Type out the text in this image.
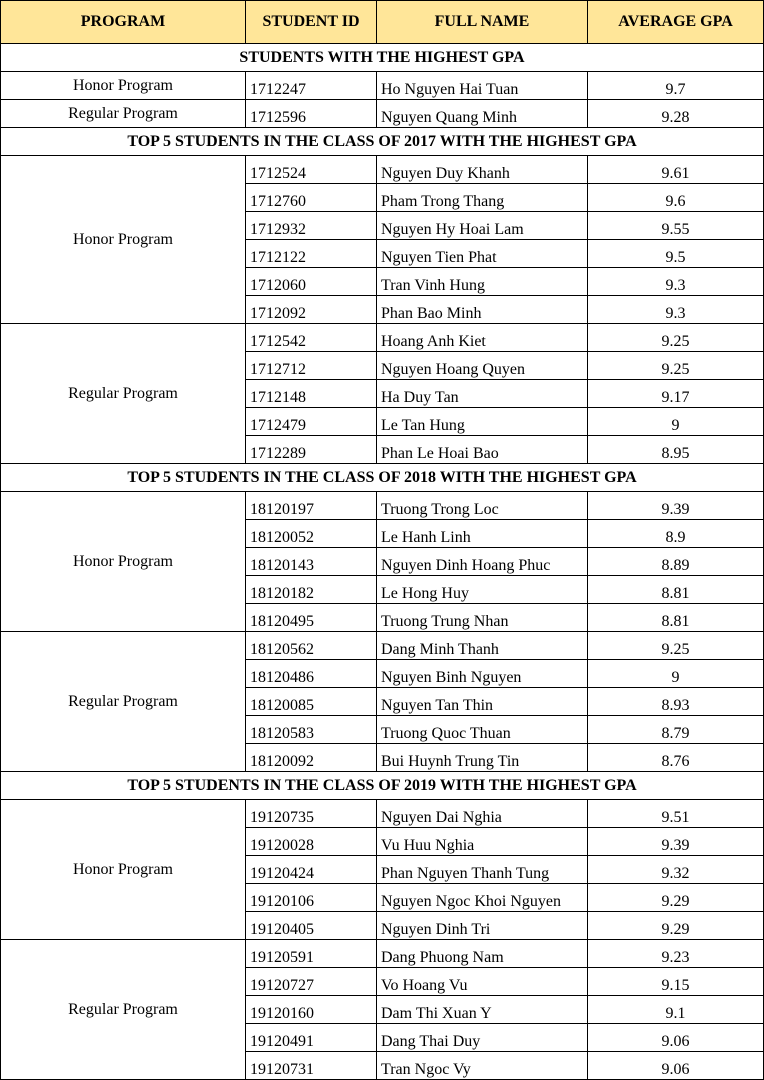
PROGRAM	STUDENT ID	FULL NAME	AVERAGE GPA
STUDENTS WITH THE HIGHEST GPA			
Honor Program	1712247	Ho Nguyen Hai Tuan	9.7
Regular Program	1712596	Nguyen Quang Minh	9.28
TOP 5 STUDENTS IN THE CLASS OF 2017 WITH THE HIGHEST GPA			
Honor Program	1712524	Nguyen Duy Khanh	9.61
	1712760	Pham Trong Thang	9.6
	1712932	Nguyen Hy Hoai Lam	9.55
	1712122	Nguyen Tien Phat	9.5
	1712060	Tran Vinh Hung	9.3
	1712092	Phan Bao Minh	9.3
Regular Program	1712542	Hoang Anh Kiet	9.25
	1712712	Nguyen Hoang Quyen	9.25
	1712148	Ha Duy Tan	9.17
	1712479	Le Tan Hung	9
	1712289	Phan Le Hoai Bao	8.95
TOP 5 STUDENTS IN THE CLASS OF 2018 WITH THE HIGHEST GPA			
Honor Program	18120197	Truong Trong Loc	9.39
	18120052	Le Hanh Linh	8.9
	18120143	Nguyen Dinh Hoang Phuc	8.89
	18120182	Le Hong Huy	8.81
	18120495	Truong Trung Nhan	8.81
Regular Program	18120562	Dang Minh Thanh	9.25
	18120486	Nguyen Binh Nguyen	9
	18120085	Nguyen Tan Thin	8.93
	18120583	Truong Quoc Thuan	8.79
	18120092	Bui Huynh Trung Tin	8.76
TOP 5 STUDENTS IN THE CLASS OF 2019 WITH THE HIGHEST GPA			
Honor Program	19120735	Nguyen Dai Nghia	9.51
	19120028	Vu Huu Nghia	9.39
	19120424	Phan Nguyen Thanh Tung	9.32
	19120106	Nguyen Ngoc Khoi Nguyen	9.29
	19120405	Nguyen Dinh Tri	9.29
Regular Program	19120591	Dang Phuong Nam	9.23
	19120727	Vo Hoang Vu	9.15
	19120160	Dam Thi Xuan Y	9.1
	19120491	Dang Thai Duy	9.06
	19120731	Tran Ngoc Vy	9.06
